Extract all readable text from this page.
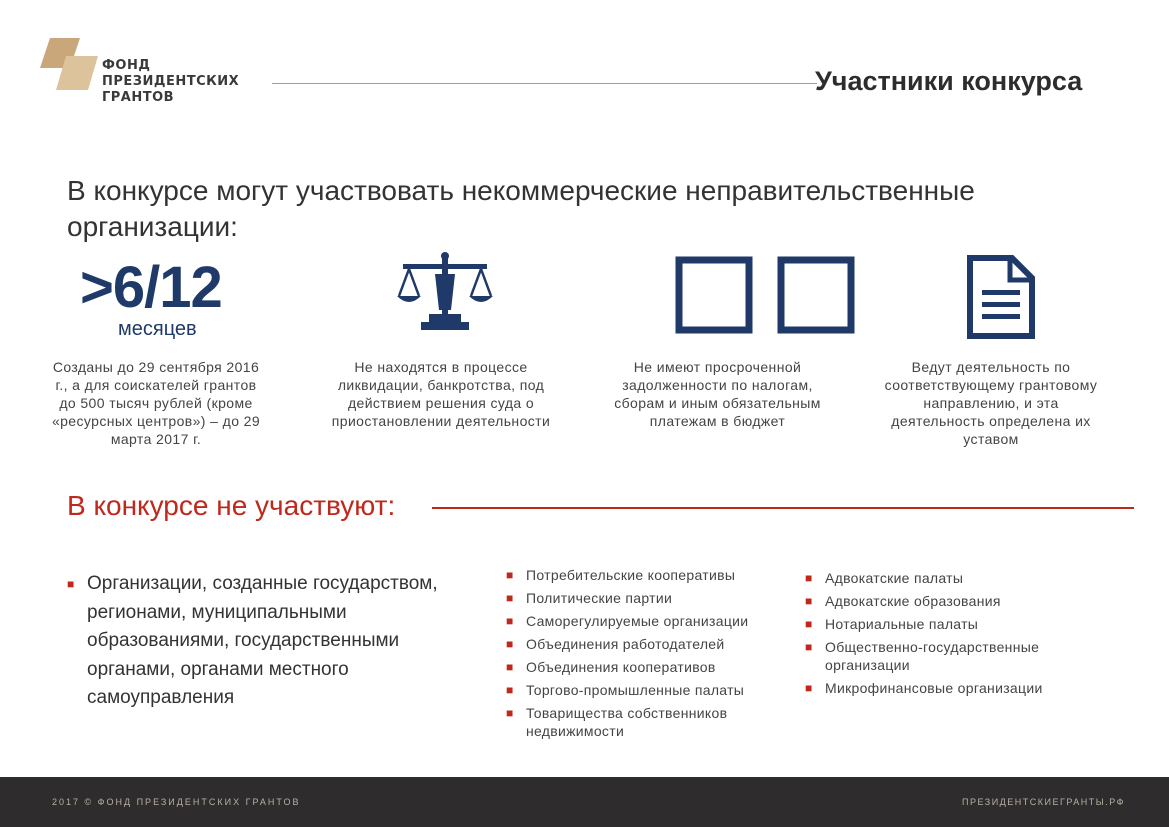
ФОНД
ПРЕЗИДЕНТСКИХ
ГРАНТОВ
Участники конкурса
В конкурсе могут участвовать некоммерческие неправительственные организации:
>6/12
месяцев
Созданы до 29 сентября 2016 г., а для соискателей грантов до 500 тысяч рублей (кроме «ресурсных центров») – до 29 марта 2017 г.
Не находятся в процессе ликвидации, банкротства, под действием решения суда о приостановлении деятельности
Не имеют просроченной задолженности по налогам, сборам и иным обязательным платежам в бюджет
Ведут деятельность по соответствующему грантовому направлению, и эта деятельность определена их уставом
В конкурсе не участвуют:
■ Организации, созданные государством, регионами, муниципальными образованиями, государственными органами, органами местного самоуправления
■ Потребительские кооперативы
■ Политические партии
■ Саморегулируемые организации
■ Объединения работодателей
■ Объединения кооперативов
■ Торгово-промышленные палаты
■ Товарищества собственников недвижимости
■ Адвокатские палаты
■ Адвокатские образования
■ Нотариальные палаты
■ Общественно-государственные организации
■ Микрофинансовые организации
2017 © ФОНД ПРЕЗИДЕНТСКИХ ГРАНТОВ	ПРЕЗИДЕНТСКИЕГРАНТЫ.РФ
